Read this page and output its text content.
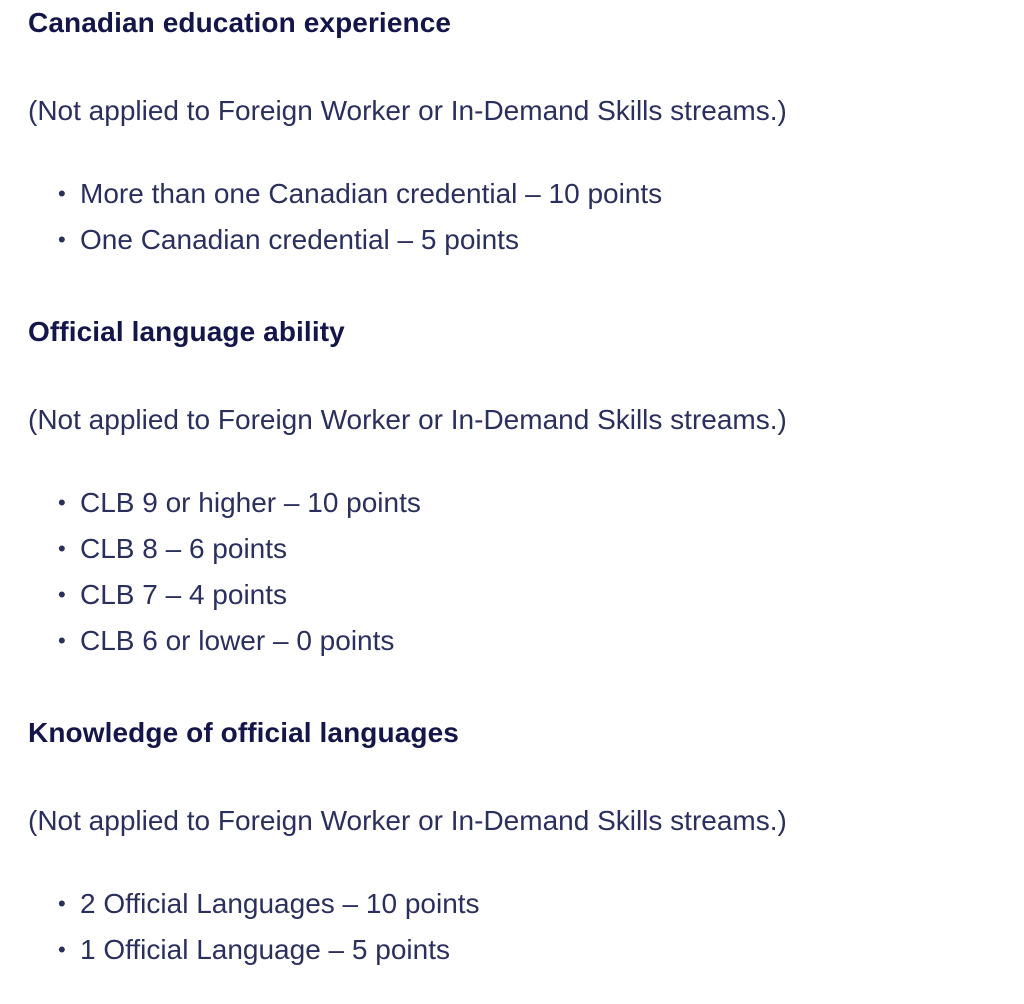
Canadian education experience

(Not applied to Foreign Worker or In-Demand Skills streams.)

• More than one Canadian credential – 10 points
• One Canadian credential – 5 points
Official language ability

(Not applied to Foreign Worker or In-Demand Skills streams.)

• CLB 9 or higher – 10 points
• CLB 8 – 6 points
• CLB 7 – 4 points
• CLB 6 or lower – 0 points
Knowledge of official languages

(Not applied to Foreign Worker or In-Demand Skills streams.)

• 2 Official Languages – 10 points
• 1 Official Language – 5 points
